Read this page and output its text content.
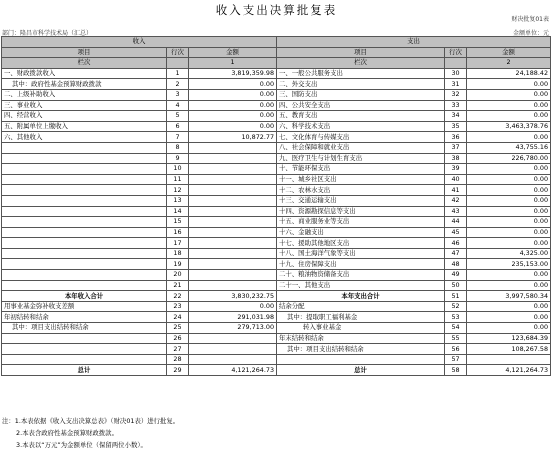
收入支出决算批复表
财决批复01表
部门：隆昌市科学技术局（汇总）	金额单位：元
收入			支出		
项目	行次	金额	项目	行次	金额
栏次		1	栏次		2
一、财政拨款收入	1	3,819,359.98	一、一般公共服务支出	30	24,188.42
其中：政府性基金预算财政拨款	2	0.00	二、外交支出	31	0.00
二、上级补助收入	3	0.00	三、国防支出	32	0.00
三、事业收入	4	0.00	四、公共安全支出	33	0.00
四、经营收入	5	0.00	五、教育支出	34	0.00
五、附属单位上缴收入	6	0.00	六、科学技术支出	35	3,463,378.76
六、其他收入	7	10,872.77	七、文化体育与传媒支出	36	0.00
	8		八、社会保障和就业支出	37	43,755.16
	9		九、医疗卫生与计划生育支出	38	226,780.00
	10		十、节能环保支出	39	0.00
	11		十一、城乡社区支出	40	0.00
	12		十二、农林水支出	41	0.00
	13		十三、交通运输支出	42	0.00
	14		十四、资源勘探信息等支出	43	0.00
	15		十五、商业服务业等支出	44	0.00
	16		十六、金融支出	45	0.00
	17		十七、援助其他地区支出	46	0.00
	18		十八、国土海洋气象等支出	47	4,325.00
	19		十九、住房保障支出	48	235,153.00
	20		二十、粮油物资储备支出	49	0.00
	21		二十一、其他支出	50	0.00
本年收入合计	22	3,830,232.75	本年支出合计	51	3,997,580.34
用事业基金弥补收支差额	23	0.00	结余分配	52	0.00
年初结转和结余	24	291,031.98	其中：提取职工福利基金	53	0.00
其中：项目支出结转和结余	25	279,713.00	转入事业基金	54	0.00
	26		年末结转和结余	55	123,684.39
	27		其中：项目支出结转和结余	56	108,267.58
	28			57	
总计	29	4,121,264.73	总计	58	4,121,264.73
注：1.本表依据《收入支出决算总表》（财决01表）进行批复。
2.本表含政府性基金预算财政拨款。
3.本表以“万元”为金额单位（保留两位小数）。
